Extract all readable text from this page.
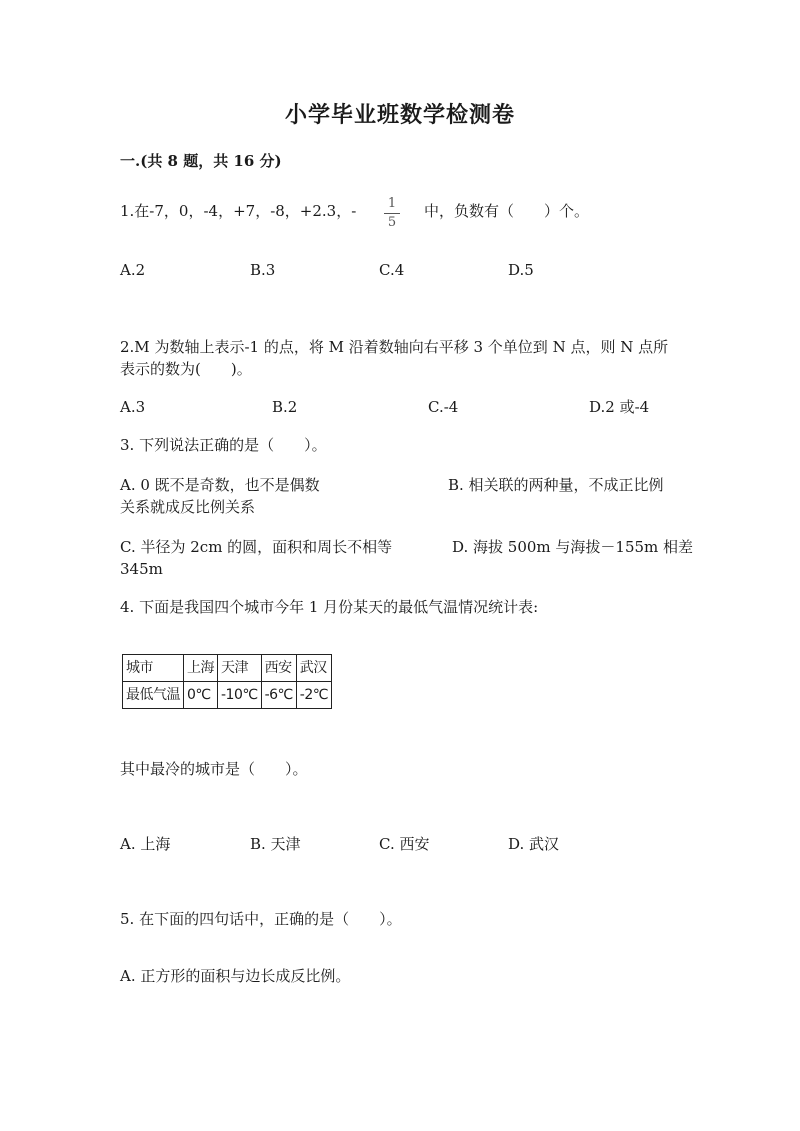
小学毕业班数学检测卷
一.(共 8 题，共 16 分)
1.在-7，0，-4，+7，-8，+2.3，-	1
5
中，负数有（　　）个。
A.2	B.3	C.4	D.5
2.M 为数轴上表示-1 的点，将 M 沿着数轴向右平移 3 个单位到 N 点，则 N 点所
表示的数为(　　)。
A.3	B.2	C.-4	D.2 或-4
3. 下列说法正确的是（　　）。
A. 0 既不是奇数，也不是偶数	B. 相关联的两种量，不成正比例
关系就成反比例关系
C. 半径为 2cm 的圆，面积和周长不相等	D. 海拔 500m 与海拔－155m 相差
345m
4. 下面是我国四个城市今年 1 月份某天的最低气温情况统计表:
城市	上海	天津	西安	武汉
最低气温	0℃	-10℃	-6℃	-2℃
其中最冷的城市是（　　）。
A. 上海	B. 天津	C. 西安	D. 武汉
5. 在下面的四句话中，正确的是（　　）。
A. 正方形的面积与边长成反比例。
